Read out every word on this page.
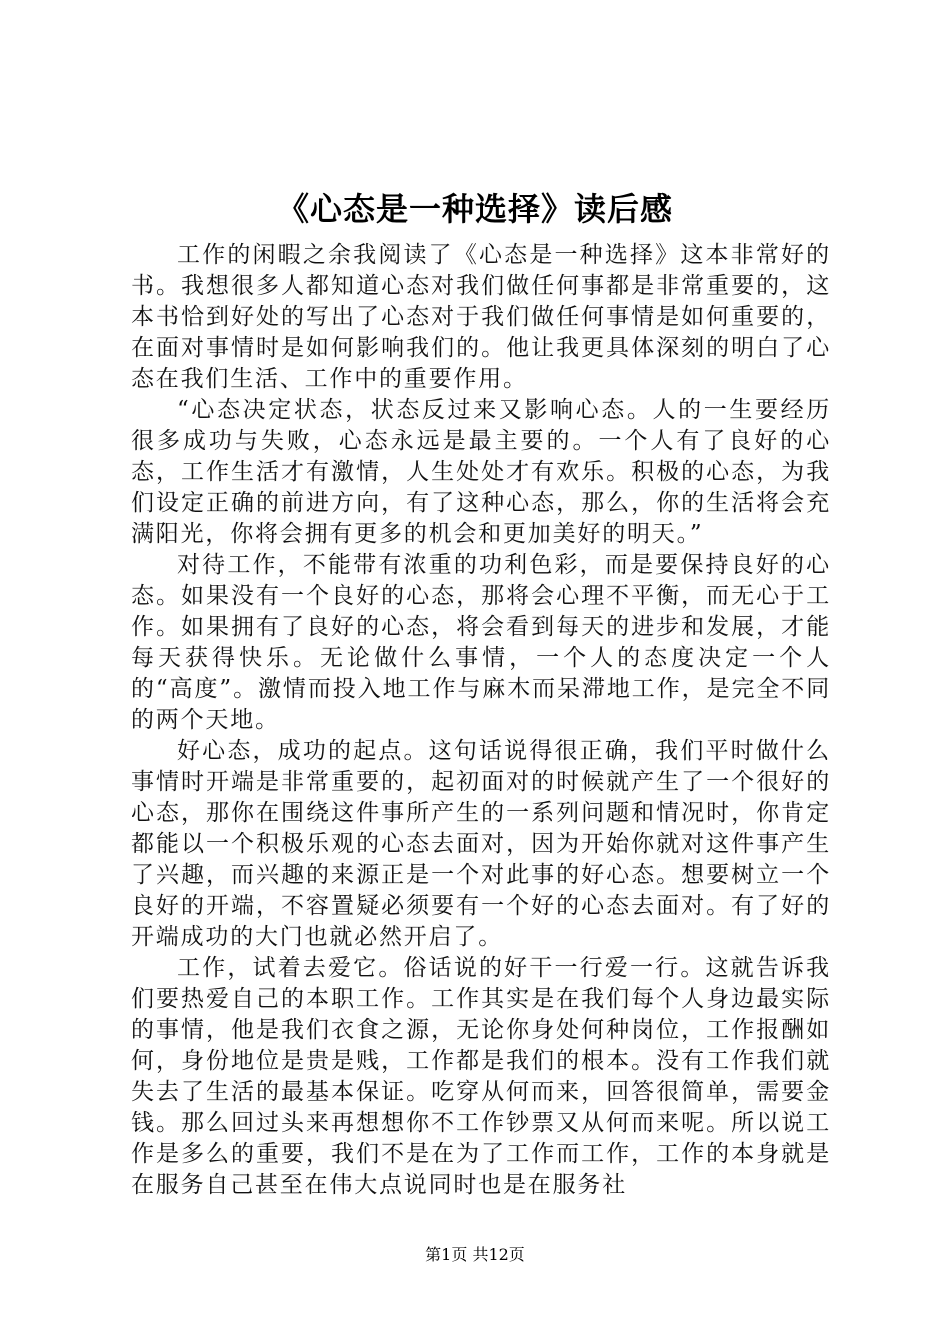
《心态是一种选择》读后感

工作的闲暇之余我阅读了《心态是一种选择》这本非常好的书。我想很多人都知道心态对我们做任何事都是非常重要的，这本书恰到好处的写出了心态对于我们做任何事情是如何重要的，在面对事情时是如何影响我们的。他让我更具体深刻的明白了心态在我们生活、工作中的重要作用。

“心态决定状态，状态反过来又影响心态。人的一生要经历很多成功与失败，心态永远是最主要的。一个人有了良好的心态，工作生活才有激情，人生处处才有欢乐。积极的心态，为我们设定正确的前进方向，有了这种心态，那么，你的生活将会充满阳光，你将会拥有更多的机会和更加美好的明天。”

对待工作，不能带有浓重的功利色彩，而是要保持良好的心态。如果没有一个良好的心态，那将会心理不平衡，而无心于工作。如果拥有了良好的心态，将会看到每天的进步和发展，才能每天获得快乐。无论做什么事情，一个人的态度决定一个人的“高度”。激情而投入地工作与麻木而呆滞地工作，是完全不同的两个天地。

好心态，成功的起点。这句话说得很正确，我们平时做什么事情时开端是非常重要的，起初面对的时候就产生了一个很好的心态，那你在围绕这件事所产生的一系列问题和情况时，你肯定都能以一个积极乐观的心态去面对，因为开始你就对这件事产生了兴趣，而兴趣的来源正是一个对此事的好心态。想要树立一个良好的开端，不容置疑必须要有一个好的心态去面对。有了好的开端成功的大门也就必然开启了。

工作，试着去爱它。俗话说的好干一行爱一行。这就告诉我们要热爱自己的本职工作。工作其实是在我们每个人身边最实际的事情，他是我们衣食之源，无论你身处何种岗位，工作报酬如何，身份地位是贵是贱，工作都是我们的根本。没有工作我们就失去了生活的最基本保证。吃穿从何而来，回答很简单，需要金钱。那么回过头来再想想你不工作钞票又从何而来呢。所以说工作是多么的重要，我们不是在为了工作而工作，工作的本身就是在服务自己甚至在伟大点说同时也是在服务社

第1页 共12页
